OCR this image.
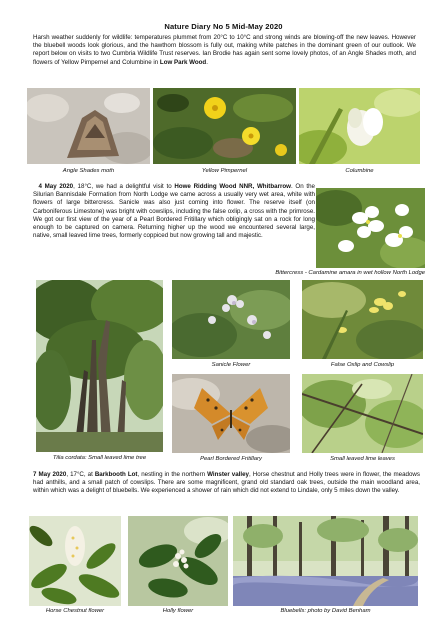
Nature Diary No 5 Mid-May 2020
Harsh weather suddenly for wildlife: temperatures plummet from 20°C to 10°C and strong winds are blowing-off the new leaves. However the bluebell woods look glorious, and the hawthorn blossom is fully out, making white patches in the dominant green of our outlook. We report below on visits to two Cumbria Wildlife Trust reserves. Ian Brodie has again sent some lovely photos, of an Angle Shades moth, and flowers of Yellow Pimpernel and Columbine in Low Park Wood.
Angle Shades moth	Yellow Pimpernel	Columbine
4 May 2020, 18°C, we had a delightful visit to Howe Ridding Wood NNR, Whitbarrow. On the Silurian Bannisdale Formation from North Lodge we came across a usually very wet area, white with flowers of large bittercress. Sanicle was also just coming into flower. The reserve itself (on Carboniferous Limestone) was bright with cowslips, including the false oxlip, a cross with the primrose. We got our first view of the year of a Pearl Bordered Fritillary which obligingly sat on a rock for long enough to be captured on camera. Returning higher up the wood we encountered several large, native, small leaved lime trees, formerly coppiced but now growing tall and majestic.
Bittercress - Cardamine amara in wet hollow North Lodge
Tilia cordata: Small leaved lime tree
Sanicle Flower	False Oxlip and Cowslip
Pearl Bordered Fritillary	Small leaved lime leaves
7 May 2020, 17°C, at Barkbooth Lot, nestling in the northern Winster valley, Horse chestnut and Holly trees were in flower, the meadows had anthills, and a small patch of cowslips. There are some magnificent, grand old standard oak trees, outside the main woodland area, within which was a delight of bluebells. We experienced a shower of rain which did not extend to Lindale, only 5 miles down the valley.
Horse Chestnut flower	Holly flower	Bluebells: photo by David Benham
